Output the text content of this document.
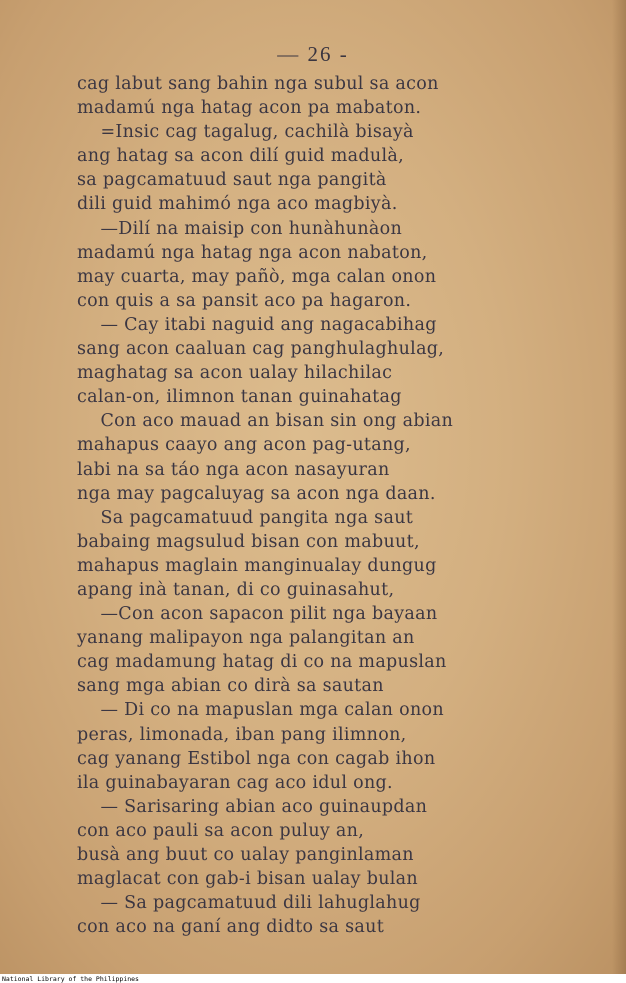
— 26 -
cag labut sang bahin nga subul sa acon
madamú nga hatag acon pa mabaton.
=Insic cag tagalug, cachilà bisayà
ang hatag sa acon dilí guid madulà,
sa pagcamatuud saut nga pangità
dili guid mahimó nga aco magbiyà.
—Dilí na maisip con hunàhunàon
madamú nga hatag nga acon nabaton,
may cuarta, may pañò, mga calan onon
con quis a sa pansit aco pa hagaron.
— Cay itabi naguid ang nagacabihag
sang acon caaluan cag panghulaghulag,
maghatag sa acon ualay hilachilac
calan-on, ilimnon tanan guinahatag
Con aco mauad an bisan sin ong abian
mahapus caayo ang acon pag-utang,
labi na sa táo nga acon nasayuran
nga may pagcaluyag sa acon nga daan.
Sa pagcamatuud pangita nga saut
babaing magsulud bisan con mabuut,
mahapus maglain manginualay dungug
apang inà tanan, di co guinasahut,
—Con acon sapacon pilit nga bayaan
yanang malipayon nga palangitan an
cag madamung hatag di co na mapuslan
sang mga abian co dirà sa sautan
— Di co na mapuslan mga calan onon
peras, limonada, iban pang ilimnon,
cag yanang Estibol nga con cagab ihon
ila guinabayaran cag aco idul ong.
— Sarisaring abian aco guinaupdan
con aco pauli sa acon puluy an,
busà ang buut co ualay panginlaman
maglacat con gab-i bisan ualay bulan
— Sa pagcamatuud dili lahuglahug
con aco na ganí ang didto sa saut
National Library of the Philippines
